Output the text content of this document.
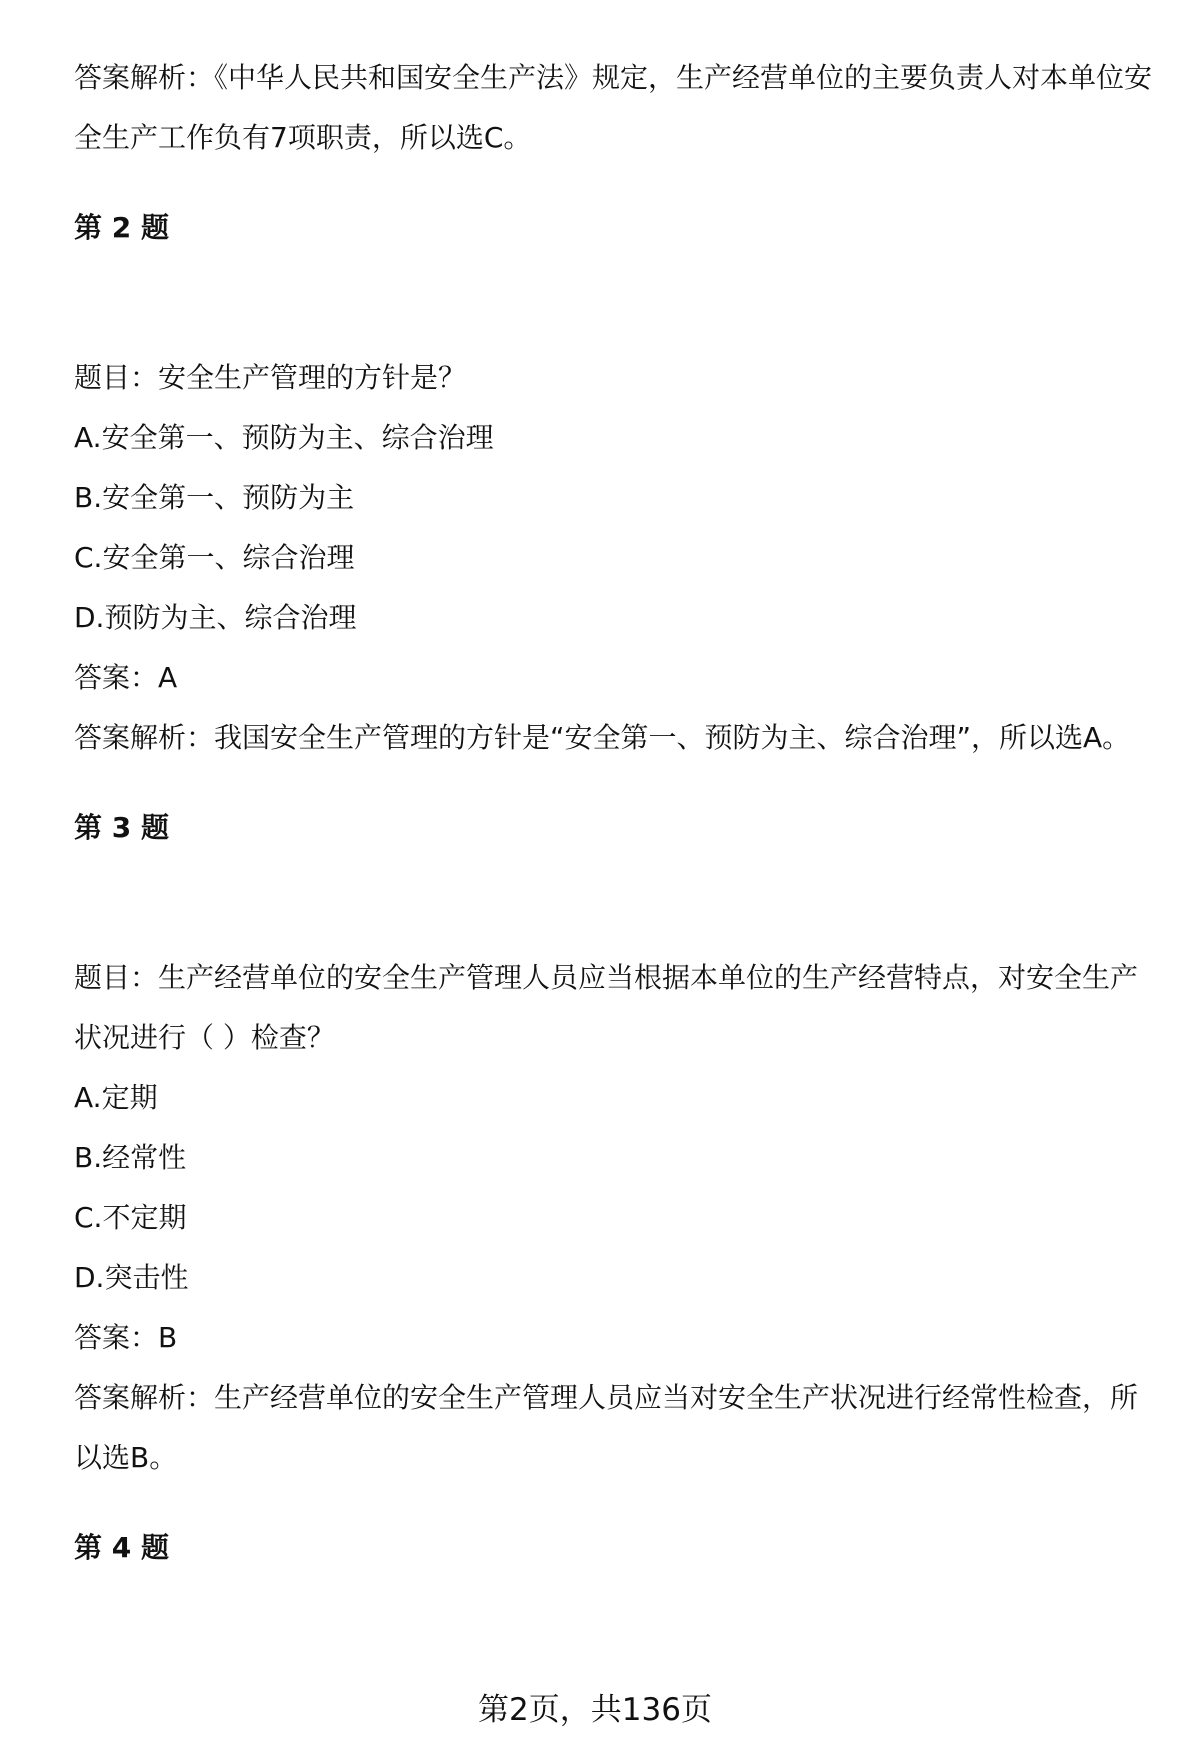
答案解析：《中华人民共和国安全生产法》规定，生产经营单位的主要负责人对本单位安全生产工作负有7项职责，所以选C。

第 2 题

题目：安全生产管理的方针是？

A.安全第一、预防为主、综合治理

B.安全第一、预防为主

C.安全第一、综合治理

D.预防为主、综合治理

答案：A

答案解析：我国安全生产管理的方针是“安全第一、预防为主、综合治理”，所以选A。

第 3 题

题目：生产经营单位的安全生产管理人员应当根据本单位的生产经营特点，对安全生产状况进行（ ）检查？

A.定期

B.经常性

C.不定期

D.突击性

答案：B

答案解析：生产经营单位的安全生产管理人员应当对安全生产状况进行经常性检查，所以选B。

第 4 题

第2页，共136页
